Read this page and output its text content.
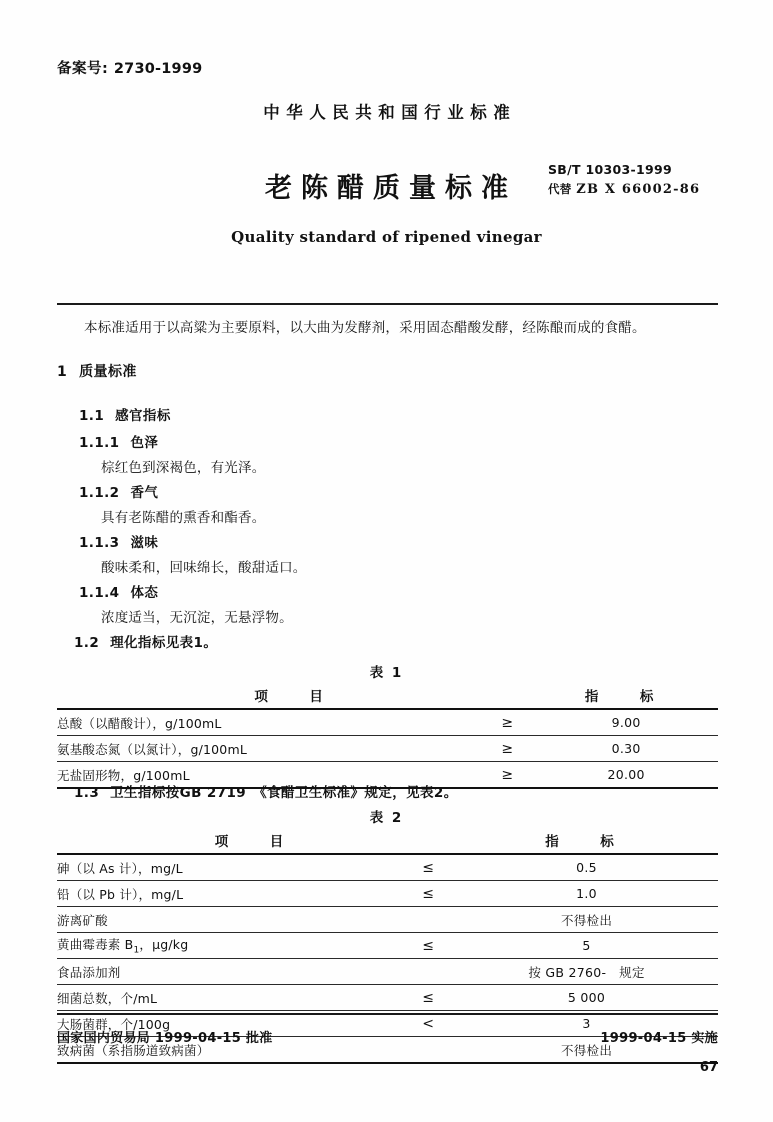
备案号: 2730-1999
中华人民共和国行业标准
老陈醋质量标准
SB/T 10303-1999
代替 ZB X 66002-86
Quality standard of ripened vinegar
本标准适用于以高粱为主要原料，以大曲为发酵剂，采用固态醋酸发酵，经陈酿而成的食醋。
1 质量标准
1.1 感官指标
1.1.1 色泽
棕红色到深褐色，有光泽。
1.1.2 香气
具有老陈醋的熏香和酯香。
1.1.3 滋味
酸味柔和，回味绵长，酸甜适口。
1.1.4 体态
浓度适当，无沉淀，无悬浮物。
1.2 理化指标见表1。
表 1
项　目		指　标
总酸（以醋酸计），g/100mL	≥	9.00
氨基酸态氮（以氮计），g/100mL	≥	0.30
无盐固形物，g/100mL	≥	20.00
1.3 卫生指标按GB 2719　《食醋卫生标准》规定，见表2。
表 2
项　目		指　标
砷（以 As 计），mg/L	≤	0.5
铅（以 Pb 计），mg/L	≤	1.0
游离矿酸		不得检出
黄曲霉毒素 $B_1$，μg/kg	≤	5
食品添加剂		按 GB 2760-　规定
细菌总数，个/mL	≤	5 000
大肠菌群，个/100g	<	3
致病菌（系指肠道致病菌）		不得检出
国家国内贸易局 1999-04-15 批准	1999-04-15 实施
67
